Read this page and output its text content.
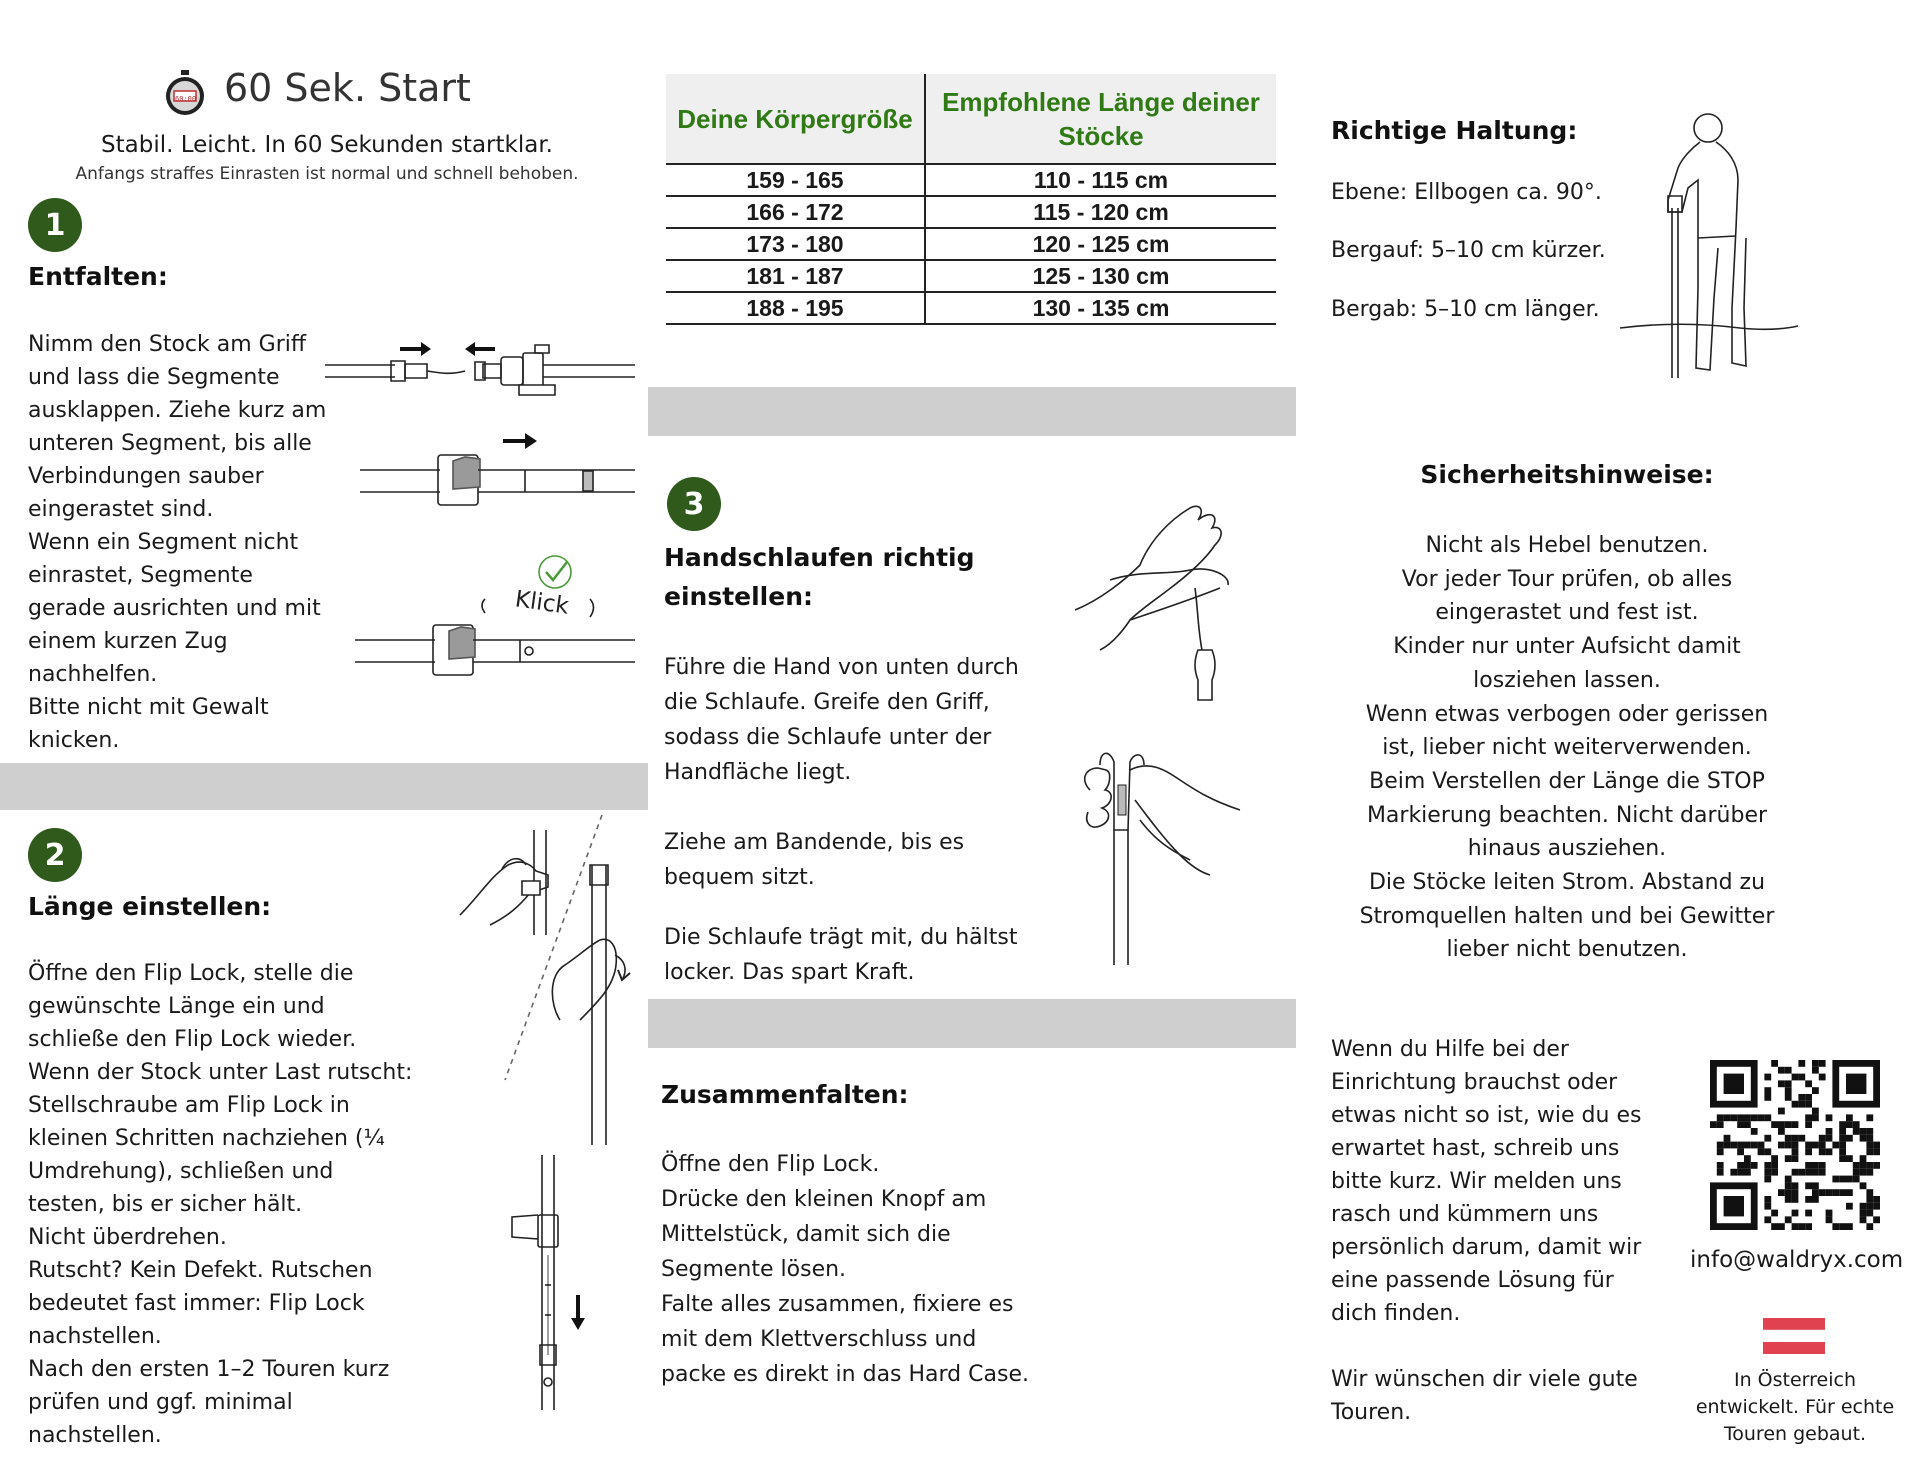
60:00 60 Sek. Start
Stabil. Leicht. In 60 Sekunden startklar.
Anfangs straffes Einrasten ist normal und schnell behoben.
1
Entfalten:
Nimm den Stock am Griff
und lass die Segmente
ausklappen. Ziehe kurz am
unteren Segment, bis alle
Verbindungen sauber
eingerastet sind.
Wenn ein Segment nicht
einrastet, Segmente
gerade ausrichten und mit
einem kurzen Zug
nachhelfen.
Bitte nicht mit Gewalt
knicken.
Klick
2
Länge einstellen:
Öffne den Flip Lock, stelle die
gewünschte Länge ein und
schließe den Flip Lock wieder.
Wenn der Stock unter Last rutscht:
Stellschraube am Flip Lock in
kleinen Schritten nachziehen (¼
Umdrehung), schließen und
testen, bis er sicher hält.
Nicht überdrehen.
Rutscht? Kein Defekt. Rutschen
bedeutet fast immer: Flip Lock
nachstellen.
Nach den ersten 1–2 Touren kurz
prüfen und ggf. minimal
nachstellen.
Deine Körpergröße	Empfohlene Länge deiner Stöcke
159 - 165	110 - 115 cm
166 - 172	115 - 120 cm
173 - 180	120 - 125 cm
181 - 187	125 - 130 cm
188 - 195	130 - 135 cm
3
Handschlaufen richtig
einstellen:
Führe die Hand von unten durch
die Schlaufe. Greife den Griff,
sodass die Schlaufe unter der
Handfläche liegt.
Ziehe am Bandende, bis es
bequem sitzt.
Die Schlaufe trägt mit, du hältst
locker. Das spart Kraft.
Zusammenfalten:
Öffne den Flip Lock.
Drücke den kleinen Knopf am
Mittelstück, damit sich die
Segmente lösen.
Falte alles zusammen, fixiere es
mit dem Klettverschluss und
packe es direkt in das Hard Case.
Richtige Haltung:
Ebene: Ellbogen ca. 90°.
Bergauf: 5–10 cm kürzer.
Bergab: 5–10 cm länger.
Sicherheitshinweise:
Nicht als Hebel benutzen.
Vor jeder Tour prüfen, ob alles
eingerastet und fest ist.
Kinder nur unter Aufsicht damit
losziehen lassen.
Wenn etwas verbogen oder gerissen
ist, lieber nicht weiterverwenden.
Beim Verstellen der Länge die STOP
Markierung beachten. Nicht darüber
hinaus ausziehen.
Die Stöcke leiten Strom. Abstand zu
Stromquellen halten und bei Gewitter
lieber nicht benutzen.
Wenn du Hilfe bei der
Einrichtung brauchst oder
etwas nicht so ist, wie du es
erwartet hast, schreib uns
bitte kurz. Wir melden uns
rasch und kümmern uns
persönlich darum, damit wir
eine passende Lösung für
dich finden.
Wir wünschen dir viele gute
Touren.
info@waldryx.com
In Österreich
entwickelt. Für echte
Touren gebaut.
